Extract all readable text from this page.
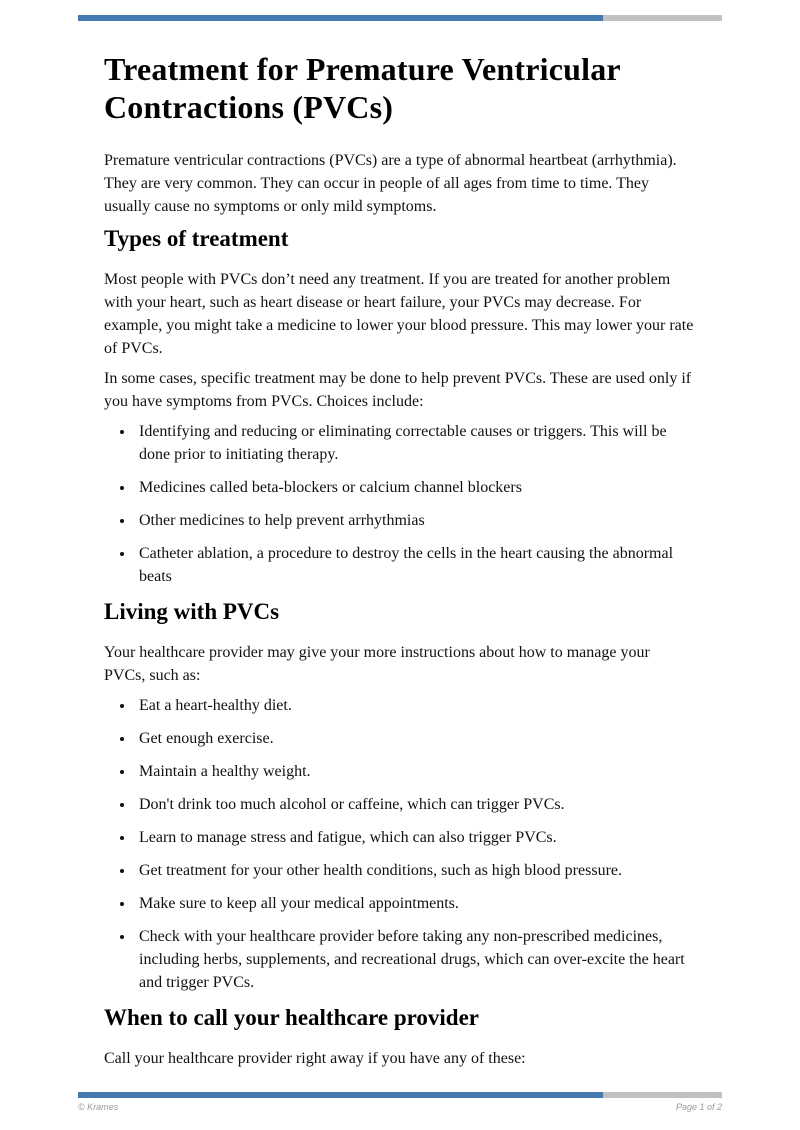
Treatment for Premature Ventricular Contractions (PVCs)

Premature ventricular contractions (PVCs) are a type of abnormal heartbeat (arrhythmia). They are very common. They can occur in people of all ages from time to time. They usually cause no symptoms or only mild symptoms.

Types of treatment

Most people with PVCs don’t need any treatment. If you are treated for another problem with your heart, such as heart disease or heart failure, your PVCs may decrease. For example, you might take a medicine to lower your blood pressure. This may lower your rate of PVCs.

In some cases, specific treatment may be done to help prevent PVCs. These are used only if you have symptoms from PVCs. Choices include:

• Identifying and reducing or eliminating correctable causes or triggers. This will be done prior to initiating therapy.
• Medicines called beta-blockers or calcium channel blockers
• Other medicines to help prevent arrhythmias
• Catheter ablation, a procedure to destroy the cells in the heart causing the abnormal beats
Living with PVCs

Your healthcare provider may give your more instructions about how to manage your PVCs, such as:

• Eat a heart-healthy diet.
• Get enough exercise.
• Maintain a healthy weight.
• Don't drink too much alcohol or caffeine, which can trigger PVCs.
• Learn to manage stress and fatigue, which can also trigger PVCs.
• Get treatment for your other health conditions, such as high blood pressure.
• Make sure to keep all your medical appointments.
• Check with your healthcare provider before taking any non-prescribed medicines, including herbs, supplements, and recreational drugs, which can over-excite the heart and trigger PVCs.
When to call your healthcare provider

Call your healthcare provider right away if you have any of these:

© Krames	Page 1 of 2
